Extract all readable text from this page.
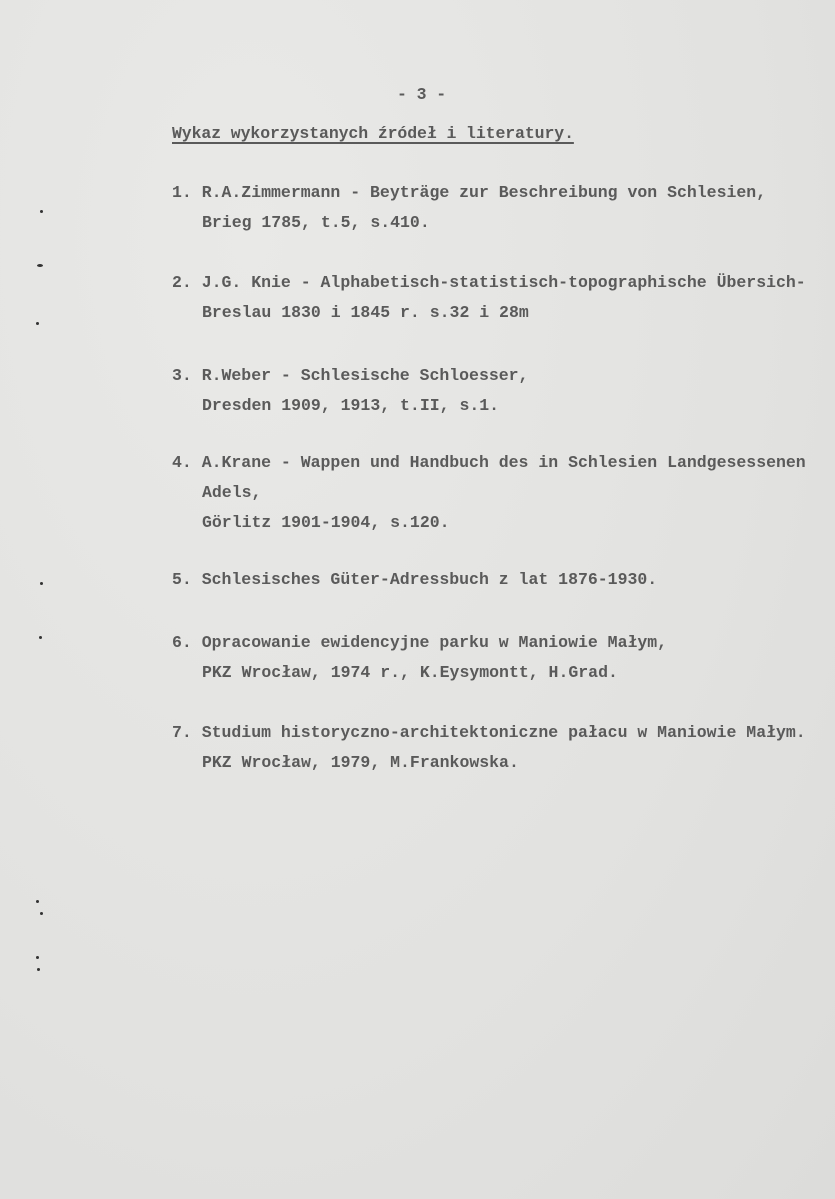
- 3 -
Wykaz wykorzystanych źródeł i literatury.
1. R.A.Zimmermann - Beyträge zur Beschreibung von Schlesien,
Brieg 1785, t.5, s.410.
2. J.G. Knie - Alphabetisch-statistisch-topographische Übersich-
Breslau 1830 i 1845 r. s.32 i 28m
3. R.Weber - Schlesische Schloesser,
Dresden 1909, 1913, t.II, s.1.
4. A.Krane - Wappen und Handbuch des in Schlesien Landgesessenen
Adels,
Görlitz 1901-1904, s.120.
5. Schlesisches Güter-Adressbuch z lat 1876-1930.
6. Opracowanie ewidencyjne parku w Maniowie Małym,
PKZ Wrocław, 1974 r., K.Eysymontt, H.Grad.
7. Studium historyczno-architektoniczne pałacu w Maniowie Małym.
PKZ Wrocław, 1979, M.Frankowska.
